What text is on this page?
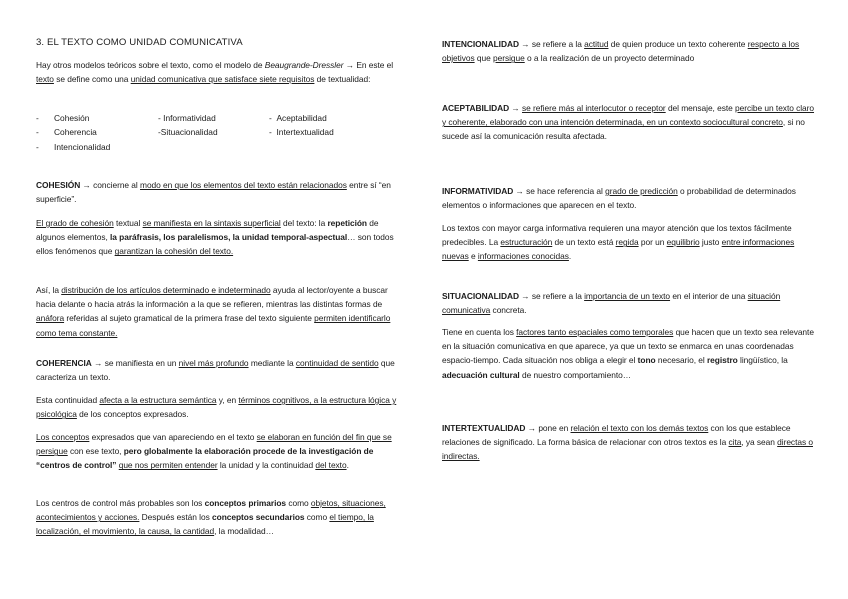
3. EL TEXTO COMO UNIDAD COMUNICATIVA

Hay otros modelos teóricos sobre el texto, como el modelo de Beaugrande-Dressler → En este el texto se define como una unidad comunicativa que satisface siete requisitos de textualidad:

- Cohesión	- Informatividad	- Aceptabilidad
- Coherencia	-Situacionalidad	- Intertextualidad
- Intencionalidad

COHESIÓN → concierne al modo en que los elementos del texto están relacionados entre sí “en superficie”.

El grado de cohesión textual se manifiesta en la sintaxis superficial del texto: la repetición de algunos elementos, la paráfrasis, los paralelismos, la unidad temporal-aspectual… son todos ellos fenómenos que garantizan la cohesión del texto.

Así, la distribución de los artículos determinado e indeterminado ayuda al lector/oyente a buscar hacia delante o hacia atrás la información a la que se refieren, mientras las distintas formas de anáfora referidas al sujeto gramatical de la primera frase del texto siguiente permiten identificarlo como tema constante.

COHERENCIA → se manifiesta en un nivel más profundo mediante la continuidad de sentido que caracteriza un texto.

Esta continuidad afecta a la estructura semántica y, en términos cognitivos, a la estructura lógica y psicológica de los conceptos expresados.

Los conceptos expresados que van apareciendo en el texto se elaboran en función del fin que se persigue con ese texto, pero globalmente la elaboración procede de la investigación de “centros de control” que nos permiten entender la unidad y la continuidad del texto.

Los centros de control más probables son los conceptos primarios como objetos, situaciones, acontecimientos y acciones. Después están los conceptos secundarios como el tiempo, la localización, el movimiento, la causa, la cantidad, la modalidad…

INTENCIONALIDAD → se refiere a la actitud de quien produce un texto coherente respecto a los objetivos que persigue o a la realización de un proyecto determinado

ACEPTABILIDAD → se refiere más al interlocutor o receptor del mensaje, este percibe un texto claro y coherente, elaborado con una intención determinada, en un contexto sociocultural concreto, si no sucede así la comunicación resulta afectada.

INFORMATIVIDAD → se hace referencia al grado de predicción o probabilidad de determinados elementos o informaciones que aparecen en el texto.

Los textos con mayor carga informativa requieren una mayor atención que los textos fácilmente predecibles. La estructuración de un texto está regida por un equilibrio justo entre informaciones nuevas e informaciones conocidas.

SITUACIONALIDAD → se refiere a la importancia de un texto en el interior de una situación comunicativa concreta.

Tiene en cuenta los factores tanto espaciales como temporales que hacen que un texto sea relevante en la situación comunicativa en que aparece, ya que un texto se enmarca en unas coordenadas espacio-tiempo. Cada situación nos obliga a elegir el tono necesario, el registro lingüístico, la adecuación cultural de nuestro comportamiento…

INTERTEXTUALIDAD → pone en relación el texto con los demás textos con los que establece relaciones de significado. La forma básica de relacionar con otros textos es la cita, ya sean directas o indirectas.
